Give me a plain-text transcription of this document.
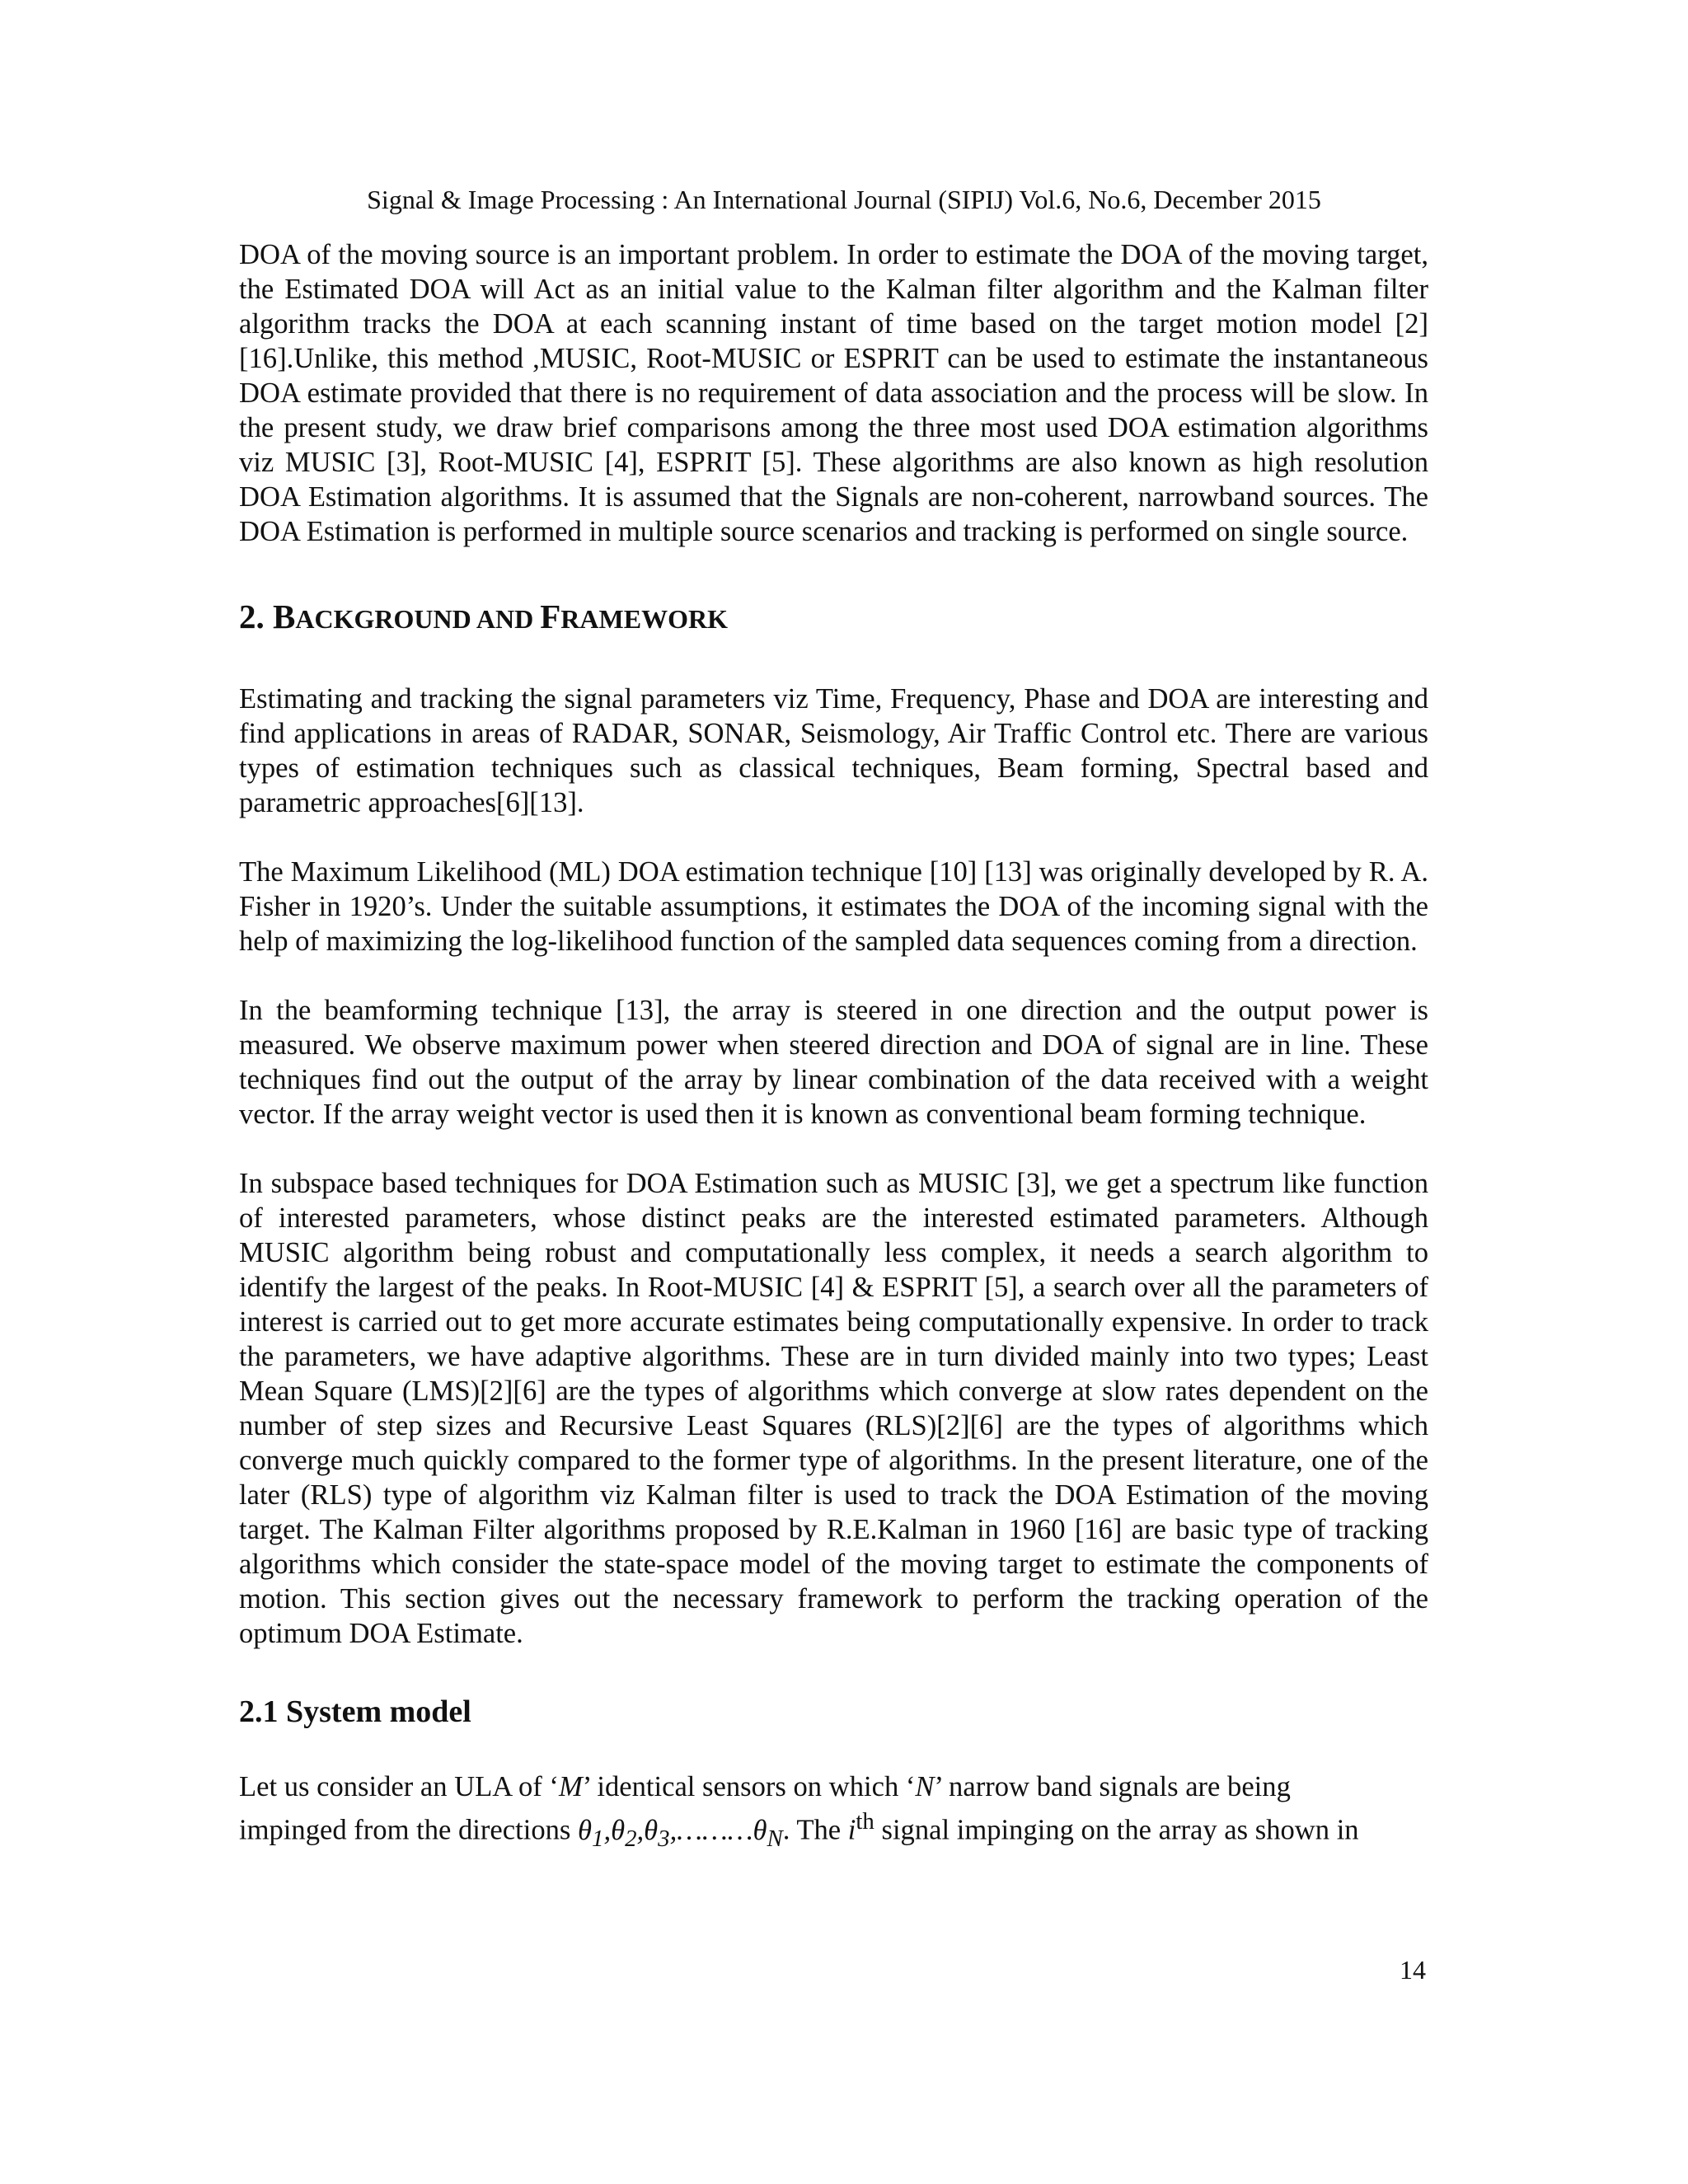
Signal & Image Processing : An International Journal (SIPIJ) Vol.6, No.6, December 2015

DOA of the moving source is an important problem. In order to estimate the DOA of the moving target, the Estimated DOA will Act as an initial value to the Kalman filter algorithm and the Kalman filter algorithm tracks the DOA at each scanning instant of time based on the target motion model [2] [16].Unlike, this method ,MUSIC, Root-MUSIC or ESPRIT can be used to estimate the instantaneous DOA estimate provided that there is no requirement of data association and the process will be slow. In the present study, we draw brief comparisons among the three most used DOA estimation algorithms viz MUSIC [3], Root-MUSIC [4], ESPRIT [5]. These algorithms are also known as high resolution DOA Estimation algorithms. It is assumed that the Signals are non-coherent, narrowband sources. The DOA Estimation is performed in multiple source scenarios and tracking is performed on single source.

2. BACKGROUND AND FRAMEWORK

Estimating and tracking the signal parameters viz Time, Frequency, Phase and DOA are interesting and find applications in areas of RADAR, SONAR, Seismology, Air Traffic Control etc. There are various types of estimation techniques such as classical techniques, Beam forming, Spectral based and parametric approaches[6][13].

The Maximum Likelihood (ML) DOA estimation technique [10] [13] was originally developed by R. A. Fisher in 1920’s. Under the suitable assumptions, it estimates the DOA of the incoming signal with the help of maximizing the log-likelihood function of the sampled data sequences coming from a direction.

In the beamforming technique [13], the array is steered in one direction and the output power is measured. We observe maximum power when steered direction and DOA of signal are in line. These techniques find out the output of the array by linear combination of the data received with a weight vector. If the array weight vector is used then it is known as conventional beam forming technique.

In subspace based techniques for DOA Estimation such as MUSIC [3], we get a spectrum like function of interested parameters, whose distinct peaks are the interested estimated parameters. Although MUSIC algorithm being robust and computationally less complex, it needs a search algorithm to identify the largest of the peaks. In Root-MUSIC [4] & ESPRIT [5], a search over all the parameters of interest is carried out to get more accurate estimates being computationally expensive. In order to track the parameters, we have adaptive algorithms. These are in turn divided mainly into two types; Least Mean Square (LMS)[2][6] are the types of algorithms which converge at slow rates dependent on the number of step sizes and Recursive Least Squares (RLS)[2][6] are the types of algorithms which converge much quickly compared to the former type of algorithms. In the present literature, one of the later (RLS) type of algorithm viz Kalman filter is used to track the DOA Estimation of the moving target. The Kalman Filter algorithms proposed by R.E.Kalman in 1960 [16] are basic type of tracking algorithms which consider the state-space model of the moving target to estimate the components of motion. This section gives out the necessary framework to perform the tracking operation of the optimum DOA Estimate.

2.1 System model

Let us consider an ULA of ‘M’ identical sensors on which ‘N’ narrow band signals are being
impinged from the directions $\theta_1,\theta_2,\theta_3,\dots\dots\dots\theta_N$. The $i^{th}$ signal impinging on the array as shown in

14
